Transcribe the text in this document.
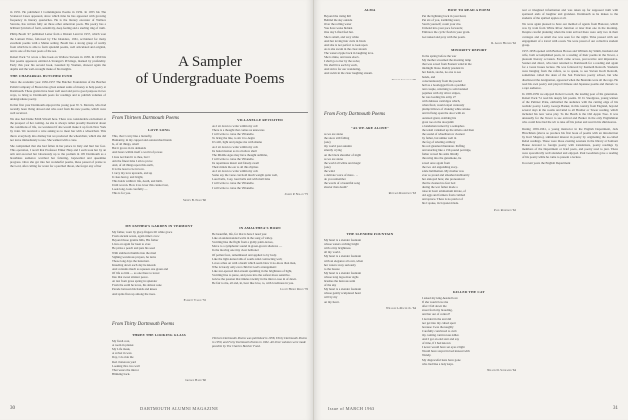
in 1955. He published I Commingions Poems in 1959. In 1955 his The Scattered Cases appeared, since which time he has appeared with growing frequency in literary quarterlies. He is the literary executor of Wallace Stevens, has written fully on three other American poets. His poetry has a brilliant lyricism of form, sensitivity, deep feeling and a sterling ring of truth.

Philip Booth '47 published Letter from a Distant Land in 1957, which won the Lamont Prize, followed by The Islanders, 1961, acclaimed for many excellent poems with a Maine setting. Booth has a strong grasp of reality from which he is able to form splendid poems, well articulated and original, and is one of the best poets of the sea.

Robert Pack '51 wrote a fine book on Wallace Stevens in 1958. In 1959 his first poems appeared, entitled A Stranger's Privilege, marked by profundity. Early this year his second book, Guarded by Women, showed again the depths and the well-wrought make of his insights.

THE CHAPARRAL BUTCHER FUND

Since the academic year 1956-1957 The Butcher Foundation of the Butcher Polish Company of Boston has given annual sums of money to help poetry at Dartmouth. These grants have been well used and put to good purpose in two ways, to bring to Dartmouth poets for readings and to publish volumes of undergraduate poetry.

In that first year Dartmouth enjoyed the young poet W. S. Merwin, who had recently been living abroad and who read from his new poems, which were well received.

We also had Dame Edith Sitwell here. There was considerable excitement at the prospect of her coming. As she is always rather proudly theatrical about the conditions of life, we wondered if she would make it up from New York by train. We received a wire asking us to meet her with a wheelchair. This threw everybody into dismay but we produced the wheelchair, which she did not leave immediately to use. She walked with a cane.

She complained that she had fallen in her palace in Italy and hurt her foot. This operation, I recall that Professor Elmer Harp and I each took her by an arm and escorted her laboriously up to the podium in 105 Dartmouth as a breathless audience watched her faltering, bejewelled and queenlike progress. Once she got into her wonderful poems, these passed of praise to the Lord, after calling for water for a parched throat, she forgot any of her

A Sampler
of Undergraduate Poems
From Thirteen Dartmouth Poems
LOVE SONG
This, that I carry like a butterfly,
Humanity, in my cupped and outstretched hands
Is, of all things, small
But it grows in its demands
And bears within itself a world of power.
I dare not hand it to thee, but I
Am the finest time I am to prove
And, of all things upon this earth,
It is the least to be in love.
I carry my love upwards, and up
It rises heavy, and bright,
This holds within it life, death, and birth.
Until woven. How it no lover this cannot last,
Look long, look carefully —
This is for you.
Sidney B. Nash '60
MY FATHER'S GARDEN IN VERMONT
My father, worn by glory-fingers till white grace
From ancient seven, again time's crow
Beyond those granite hills, His father
Lives on again far been to ever.
He picks a peach and puts his seed
With stubborn thumbs into the mud
Sighing wondrous prayers, he turns
Those long days the luxuriant.
Kneeling down each day he kneads
And contains much as squeeze one green end
Of life so him — as one there to lower
Into that sweet sinister peace.
At last from grass spring in splendor
From the earth he loves, his almost sane
Parade between his hands and knees
And spins fires up among the trees.
Everett Vance '55
From Thirty Dartmouth Poems
THREE THE LOOKING GLASS
My fresh coat,
A room in plaster.
My Life mask,
A velvet in wax.
Day, I do ride the
Red clatterous yard
Looking thro two wall
That wears the mirror
Blinking back.
George Hand '60
VILLANELLE REVISITED
As I sit down to write within my cell
There is a thought that comes us unawares
I will write to curse the Villanelle.
To bring the line, to stir it to-begin
It's still, light and plague me with shame
As I sit down to write within my cell.
Its banal motion as in a hollow shell
The Middle Ages may have thought sublime,
I will write to curse the Villanelle.
Its repetitious music and falsely-swell
Their minds the ear to all this rhymes
As I sit down to write within my cell.
Some say the verse can hold much weight quite well,
Loud bells, I say, loud bells and with mall time
I will write to curse the Villanelle.
I will write to curse the Villanelle.
Joseph P. Nolan '75
IN AMALTHEA'S HORN
Be beautiful, life, for that is here I need you:
Like an understanded waltz in the song of valley.
Swirling like the flight from a giddy palm-leaves,
Move to a symphonic sound in green-grown shadows —
In the moving one tiny clear belltonel
Of pollen frost, remembered and applied to by body.
Like the light-turned silk of south-wind contracting web;
Loves aches on with a heath which seem blow it no-more than man,
Who is barely only ever child in God's arrangement:
Like star-spewed mid-stream sparkling in the brightness of light,
Swirling line to purse, and press into the softest more sensitive.
Grieve the passion that tinkles tawnily in the mirror-rose in of dawn.
Be fair to me, all and, in, bear like love, to, with loveliness in you.
Lloyd Henry Relin '76
Thirteen Dartmouth Poems was published in 1958, Thirty Dartmouth Poems in 1959, and Forty Dartmouth Poems in 1962. All three volumes were made possible by The Charles Butcher Fund.
30	DARTMOUTH ALUMNI MAGAZINE
ALMA
Beyond the rising hill
Behind the sky outside
Over the rolling water
You have woke hidden
One day Lifted fuel her.
She is small, and very white
And her loving hair curls in black
And she is not perfect to look upon
As is she swam in the clear stream
The waters ripple back in laughing love.
She is mine, and none else's.
I shall go to her by the rocks;
We shall live each by each,
And strive for our wandering,
And swim in the clear laughing stream.
Robert Coleman '79
From Forty Dartmouth Poems
"AS WE ARE ALONE"
as we are alone
the snow still falling
(one)
my world past autumn
silently crying
on the black shoulder of night
as we are alone
the world all white and magic
(one)
the wind
a delicate voice of mass . . .
do you remember
the words of a beautiful song
shorter than death?
Richard Robertson '63
THE SLENDER FOUNTAIN
My heart is a slender fountain
whose waters arching bright
with a tiny brightness
all my world.
My heart is a slender fountain
with an elegance all own, when
her waters sway seriously
to the breeze
My heart is a slender fountain
whose long lagoonver sighs
brushes the lustrous satin
of the sky
My heart is a slender fountain
whose gently sculptured heart
will by my
on my heart.
William LaRoche Jr. '64
HOW TO READ A POEM
Put the lightning back in your head,
Put six of you, trembling tears;
Storm yourself; count your rite.
Unbend into your pace forwards;
Embrace the cyclic flesh in your grain.
Get naked and pray with the poem.
R. Allen Hecker '62
MINORITY REPORT
In the spring before the war
My mother screamed the morning lamp
that was saved from Eastern wind in the
midnight blaze. Ruddy prudent in
her hands, stocks, no one to see
hands, and
conscientiously from the pooled
hell as a bootlegged from a peddler
tent couple, returning to solid sunned
pajamas with dry silver stripes,
he was loading his army 27
with dubious cartridges which,
when fired, would expel curiously
plump billows of choking white smoke
and in flung open the door with an
outsized grunt, stabbing his
great toe on the doorjamb
a bandsmen turned by a semaphor-
the tensil vanished up the stiletto and then
the sound of wheelbarrow cleaned
by father, but unlike well in
the fog of tabeling artillery
his red gleamed thunderer. Puffing
and snorting like a 150-pound porridge,
father waved his arms blindly
throwing into the gunsmoke, he
saved once again from
the two old anguishing story-
sdale bubblemen. My mother was
ever so proud and smashed stubbornly
her annoyed here; she pronounced
that he cleaned no fear bed
during the war father made a
raise in basic ammonium nitrate, of
old eggs and farmers from crabbed
and spruce. There is no patriot of
his I spoke, its bayonet-blade.
Paul Robinson '62
KILLED THE CAT
I asked my king-headed love
If she would love me
after I fall down the
street from my breeding,
and her out of control?
I decided in the and did
not get into my cubed sport
because I was thoroughly
Carefully convinced to curb
my coming carnivorous killer.
And I got an end start and say
of time, if I had known
I never would have set eyes a'light
Would have stayed in bed instead with
Wendy.
My disgraceful lusts have gone
who lied like a lady kaye.
Nelson D. Schrader '64

real or imagined information and was taken up for supposed truth with spattered ends of laughter and grandeur. Dartmouth as he makes to the students of the spirited apples at all.

We were again pleased to have our method of agents from Hanover, which was by train from White River Junction at later than one in the morning. Despite careful planning when the train arrived there were only two in their carriages and as small rise was seen for the night. Time passed with our engagement of a travel with ocean. We were proud of our collective student group.

1957-1958 opened with Barbara Howes and William Jay Smith, husband and wife, both accomplished poets, in a reading of their poems in the Tower, a pleasant literary occasion. Each came across, provocative and impressive. Sonnet and direct, who later returned to Dartmouth for a reading and again for a Great Issues lecture. He was followed by Kenneth Rexroth. Students were hanging from the rafters, so to speak, to see Steven Koch Rexroth, sometimes called the dean of the San Francisco poetry school, but who disallowed the designation, appeared when the Beatniks were all the rage. He read his own poetry and played Chinese and Japanese poems and rhetoric to a rapt audience.

In 1958-1959 we enjoyed Robert Lowell, the leading poet of his generation. Robert Pack '51 read his deeply felt poems. W. D. Snodgrass, young winner of the Pulitzer Prize, enthralled the audience with the cutting edge of his realistic poetry. Lastly, George Barker, in this country from England, beyond several days in the rooms and kind to all Brother or Tower reading, which included his new verse play To the Heath is the Old Apple Tree. It was unusually for the Tower to see arrived and Barker in the only Englishman who could have had the wit to take off his jacket and read in his shirtsleeves.

During 1959-1961, a young instructor in the English Department, Jack Hirschman (above so produce his first book of poems with an introduction by Karl Shapiro), stimulated interest in poetry by originating the so-called Rebel readings. These were those evening sessions in the library at Sanborn House devoted to foreign poetry with translations, poetry readings by members of the Department or brief poets, and poetry read to jazz. There were sporadically well attended and enjoyed. Paul Goodman gave a reading of his poetry while he came to present a lecture.

In recent years the English Department

Issue of MARCH 1963	31
